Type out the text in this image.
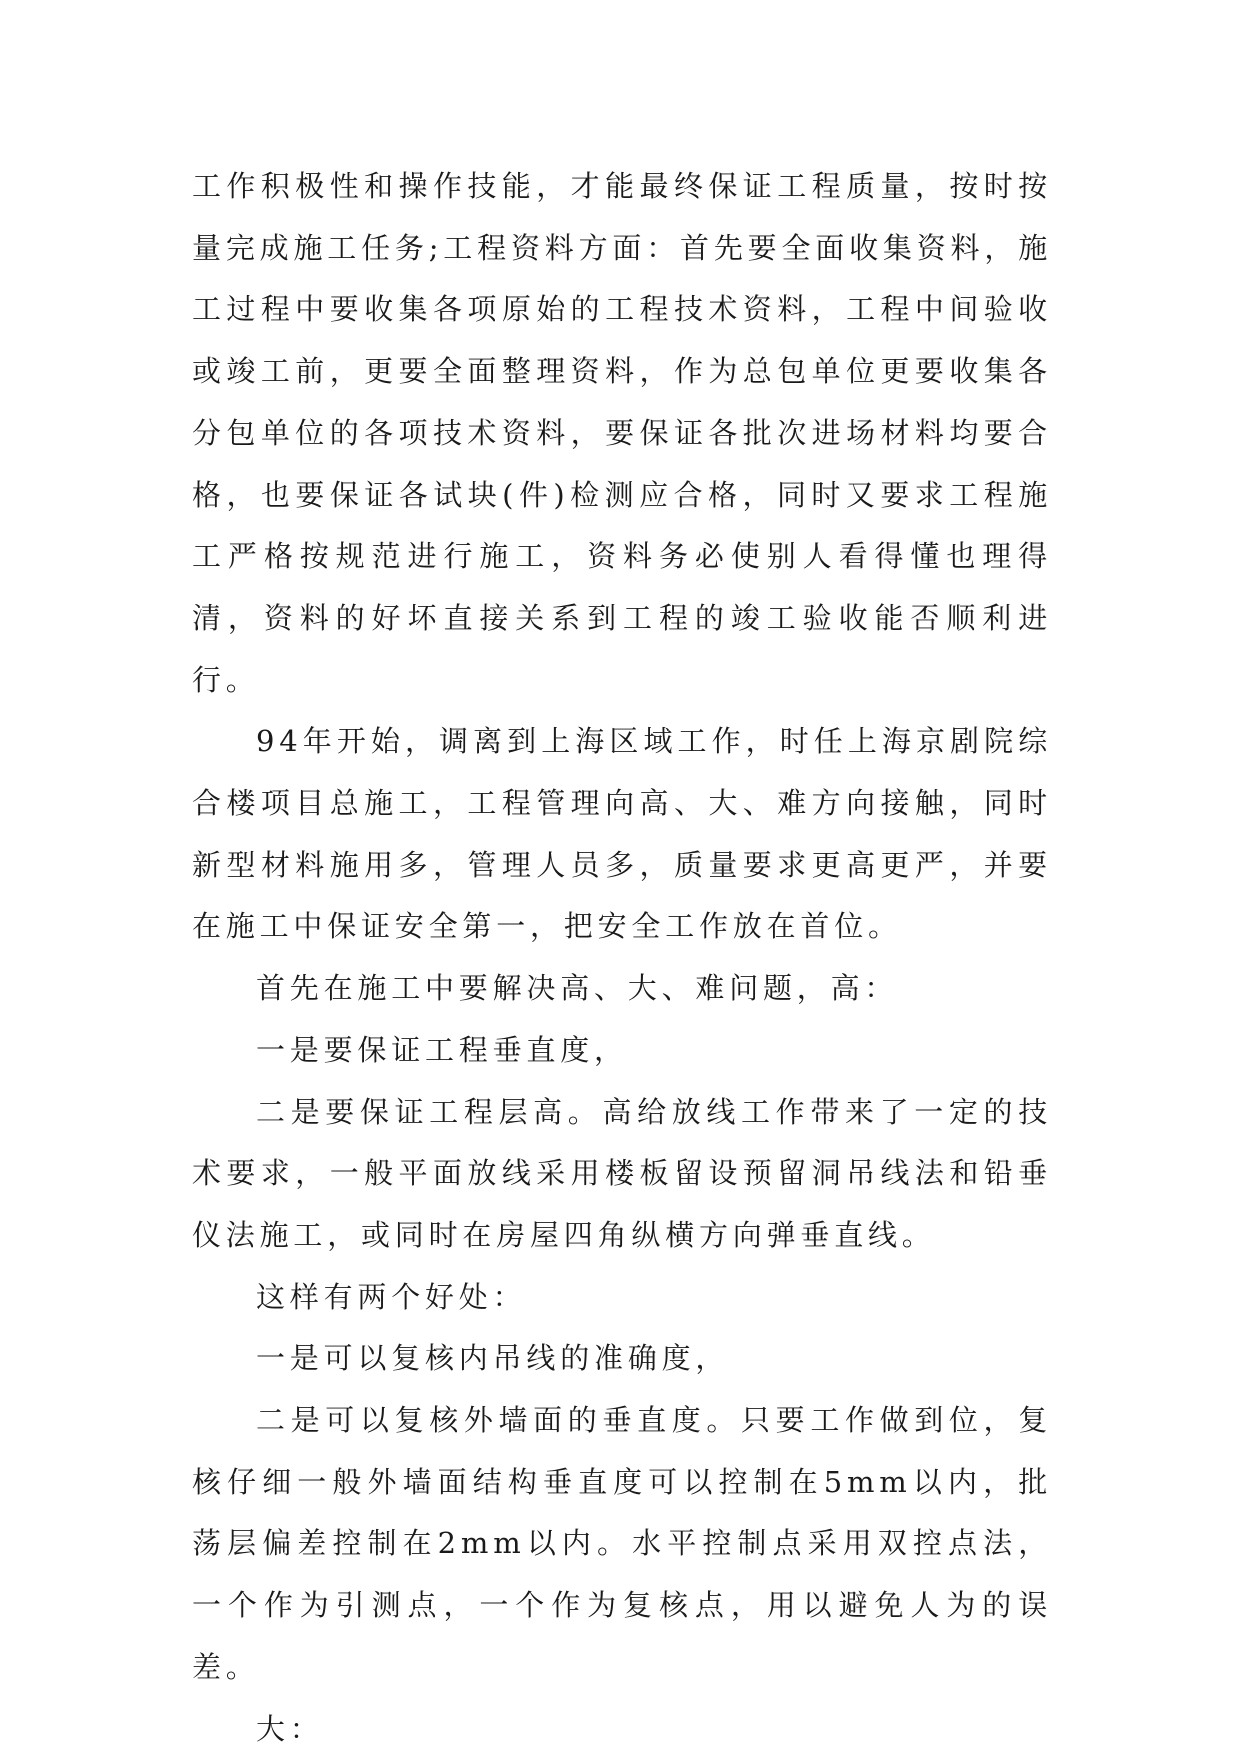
工作积极性和操作技能，才能最终保证工程质量，按时按量完成施工任务;工程资料方面：首先要全面收集资料，施工过程中要收集各项原始的工程技术资料，工程中间验收或竣工前，更要全面整理资料，作为总包单位更要收集各分包单位的各项技术资料，要保证各批次进场材料均要合格，也要保证各试块(件)检测应合格，同时又要求工程施工严格按规范进行施工，资料务必使别人看得懂也理得清，资料的好坏直接关系到工程的竣工验收能否顺利进行。

94年开始，调离到上海区域工作，时任上海京剧院综合楼项目总施工，工程管理向高、大、难方向接触，同时新型材料施用多，管理人员多，质量要求更高更严，并要在施工中保证安全第一，把安全工作放在首位。

首先在施工中要解决高、大、难问题，高：

一是要保证工程垂直度，

二是要保证工程层高。高给放线工作带来了一定的技术要求，一般平面放线采用楼板留设预留洞吊线法和铅垂仪法施工，或同时在房屋四角纵横方向弹垂直线。

这样有两个好处：

一是可以复核内吊线的准确度，

二是可以复核外墙面的垂直度。只要工作做到位，复核仔细一般外墙面结构垂直度可以控制在5mm以内，批荡层偏差控制在2mm以内。水平控制点采用双控点法，一个作为引测点，一个作为复核点，用以避免人为的误差。

大：
